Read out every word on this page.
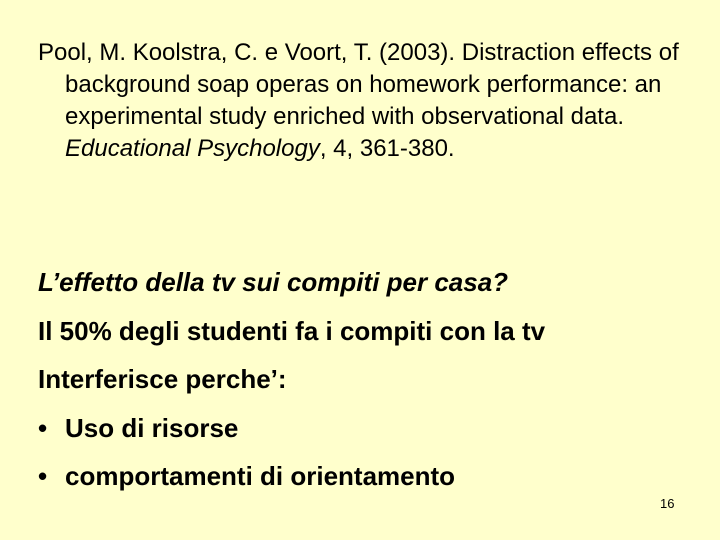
Pool, M. Koolstra, C. e Voort, T. (2003). Distraction effects of background soap operas on homework performance: an experimental study enriched with observational data. Educational Psychology, 4, 361-380.

L’effetto della tv sui compiti per casa?
Il 50% degli studenti fa i compiti con la tv
Interferisce perche’:
• Uso di risorse
• comportamenti di orientamento
16
